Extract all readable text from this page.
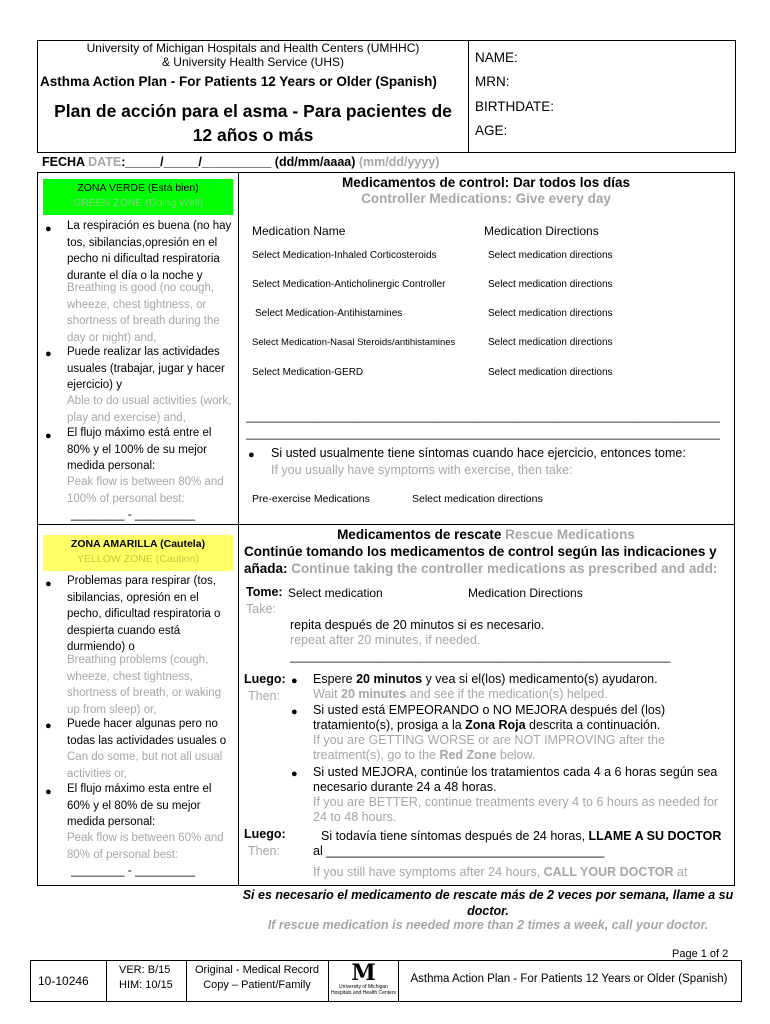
University of Michigan Hospitals and Health Centers (UMHHC)
& University Health Service (UHS)
Asthma Action Plan - For Patients 12 Years or Older (Spanish)
Plan de acción para el asma - Para pacientes de
12 años o más
NAME:
MRN:
BIRTHDATE:
AGE:
FECHA DATE:_____/_____/__________ (dd/mm/aaaa) (mm/dd/yyyy)
ZONA VERDE (Está bien)
GREEN ZONE (Doing Well)
● La respiración es buena (no hay tos, sibilancias,opresión en el pecho ni dificultad respiratoria durante el día o la noche y
Breathing is good (no cough, wheeze, chest tightness, or shortness of breath during the day or night) and,
● Puede realizar las actividades usuales (trabajar, jugar y hacer ejercicio) y
Able to do usual activities (work, play and exercise) and,
● El flujo máximo está entre el 80% y el 100% de su mejor medida personal:
Peak flow is between 80% and 100% of personal best:
________ - _________
Medicamentos de control: Dar todos los días
Controller Medications: Give every day
Medication Name	Medication Directions
Select Medication-Inhaled Corticosteroids	Select medication directions
Select Medication-Anticholinergic Controller	Select medication directions
Select Medication-Antihistamines	Select medication directions
Select Medication-Nasal Steroids/antihistamines	Select medication directions
Select Medication-GERD	Select medication directions
_______________________________________________________________________
_______________________________________________________________________
● Si usted usualmente tiene síntomas cuando hace ejercicio, entonces tome:
If you usually have symptoms with exercise, then take:
Pre-exercise Medications	Select medication directions
ZONA AMARILLA (Cautela)
YELLOW ZONE (Caution)
● Problemas para respirar (tos, sibilancias, opresión en el pecho, dificultad respiratoria o despierta cuando está durmiendo) o
Breathing problems (cough, wheeze, chest tightness, shortness of breath, or waking up from sleep) or,
● Puede hacer algunas pero no todas las actividades usuales o
Can do some, but not all usual activities or,
● El flujo máximo esta entre el 60% y el 80% de su mejor medida personal:
Peak flow is between 60% and 80% of personal best:
________ - _________
Medicamentos de rescate Rescue Medications
Continúe tomando los medicamentos de control según las indicaciones y añada: Continue taking the controller medications as prescribed and add:
Tome:
Take:
Select medication	Medication Directions
repita después de 20 minutos si es necesario.
repeat after 20 minutes, if needed.
_________________________________________________________
Luego:
Then:
● Espere 20 minutos y vea si el(los) medicamento(s) ayudaron.
Wait 20 minutes and see if the medication(s) helped.
● Si usted está EMPEORANDO o NO MEJORA después del (los) tratamiento(s), prosiga a la Zona Roja descrita a continuación.
If you are GETTING WORSE or are NOT IMPROVING after the treatment(s), go to the Red Zone below.
● Si usted MEJORA, continúe los tratamientos cada 4 a 6 horas según sea necesario durante 24 a 48 horas.
If you are BETTER, continue treatments every 4 to 6 hours as needed for 24 to 48 hours.
Luego:
Then:
Si todavía tiene síntomas después de 24 horas, LLAME A SU DOCTOR al ________________________________________
If you still have symptoms after 24 hours, CALL YOUR DOCTOR at
Si es necesario el medicamento de rescate más de 2 veces por semana, llame a su doctor.
If rescue medication is needed more than 2 times a week, call your doctor.
Page 1 of 2
10-10246
VER: B/15
HIM: 10/15
Original - Medical Record
Copy – Patient/Family	M
University of Michigan
Hospitals and Health Centers
Asthma Action Plan - For Patients 12 Years or Older (Spanish)
